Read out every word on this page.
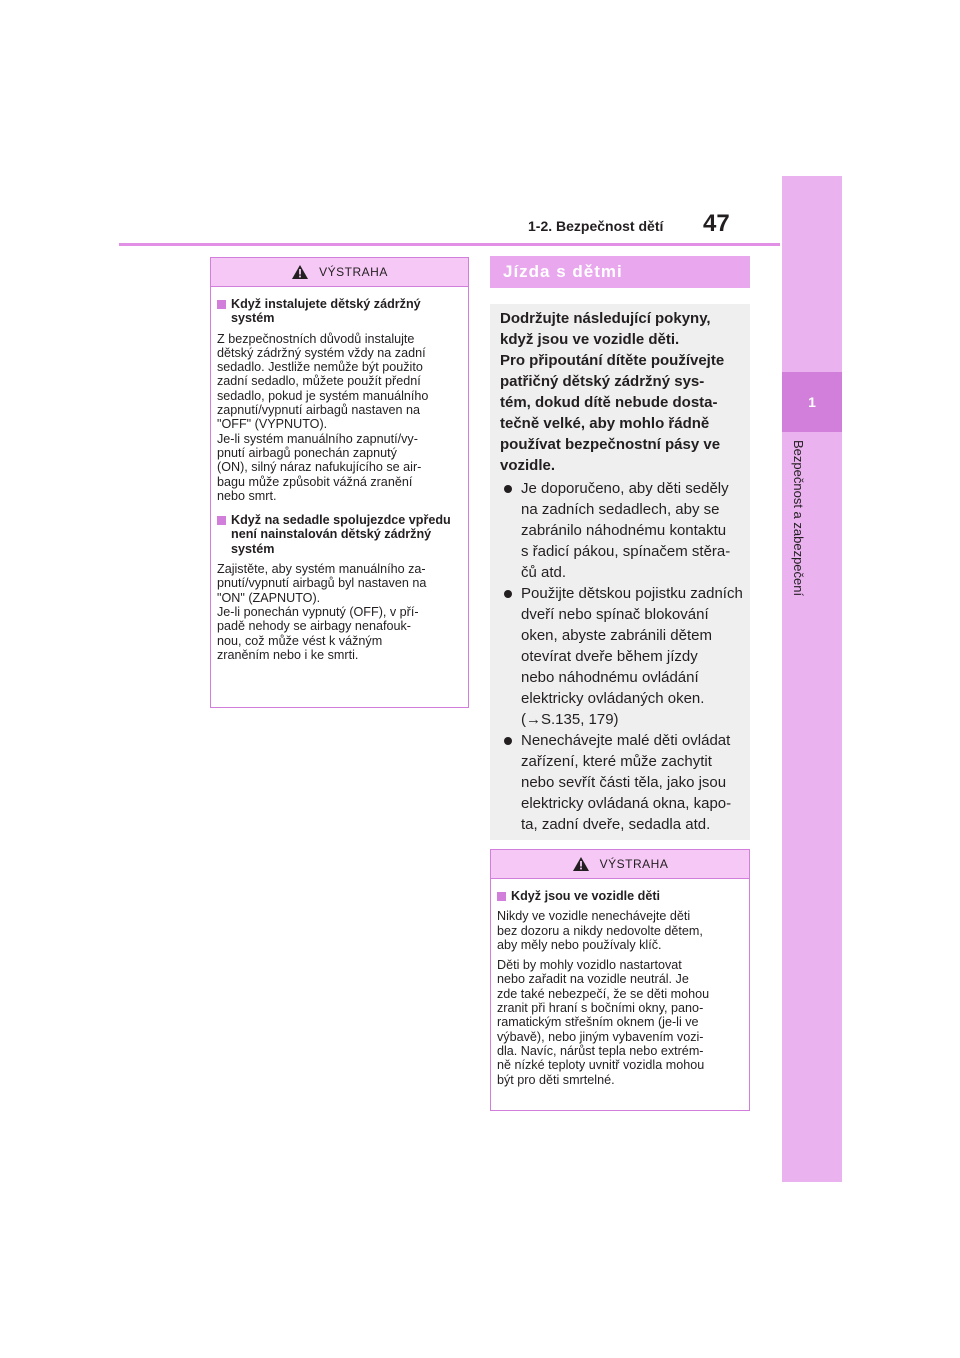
1-2. Bezpečnost dětí	47
1
Bezpečnost a zabezpečení
VÝSTRAHA
Když instalujete dětský zádržný systém
Z bezpečnostních důvodů instalujte
dětský zádržný systém vždy na zadní
sedadlo. Jestliže nemůže být použito
zadní sedadlo, můžete použít přední
sedadlo, pokud je systém manuálního
zapnutí/vypnutí airbagů nastaven na
"OFF" (VYPNUTO).
Je-li systém manuálního zapnutí/vy-
pnutí airbagů ponechán zapnutý
(ON), silný náraz nafukujícího se air-
bagu může způsobit vážná zranění
nebo smrt.
Když na sedadle spolujezdce vpředu není nainstalován dětský zádržný systém
Zajistěte, aby systém manuálního za-
pnutí/vypnutí airbagů byl nastaven na
"ON" (ZAPNUTO).
Je-li ponechán vypnutý (OFF), v pří-
padě nehody se airbagy nenafouk-
nou, což může vést k vážným
zraněním nebo i ke smrti.
Jízda s dětmi
Dodržujte následující pokyny,
když jsou ve vozidle děti.
Pro připoutání dítěte používejte
patřičný dětský zádržný sys-
tém, dokud dítě nebude dosta-
tečně velké, aby mohlo řádně
používat bezpečnostní pásy ve
vozidle.
Je doporučeno, aby děti seděly
na zadních sedadlech, aby se
zabránilo náhodnému kontaktu
s řadicí pákou, spínačem stěra-
čů atd.
Použijte dětskou pojistku zadních
dveří nebo spínač blokování
oken, abyste zabránili dětem
otevírat dveře během jízdy
nebo náhodnému ovládání
elektricky ovládaných oken.
(→S.135, 179)
Nenechávejte malé děti ovládat
zařízení, které může zachytit
nebo sevřít části těla, jako jsou
elektricky ovládaná okna, kapo-
ta, zadní dveře, sedadla atd.
VÝSTRAHA
Když jsou ve vozidle děti
Nikdy ve vozidle nenechávejte děti
bez dozoru a nikdy nedovolte dětem,
aby měly nebo používaly klíč.
Děti by mohly vozidlo nastartovat
nebo zařadit na vozidle neutrál. Je
zde také nebezpečí, že se děti mohou
zranit při hraní s bočními okny, pano-
ramatickým střešním oknem (je-li ve
výbavě), nebo jiným vybavením vozi-
dla. Navíc, nárůst tepla nebo extrém-
ně nízké teploty uvnitř vozidla mohou
být pro děti smrtelné.
